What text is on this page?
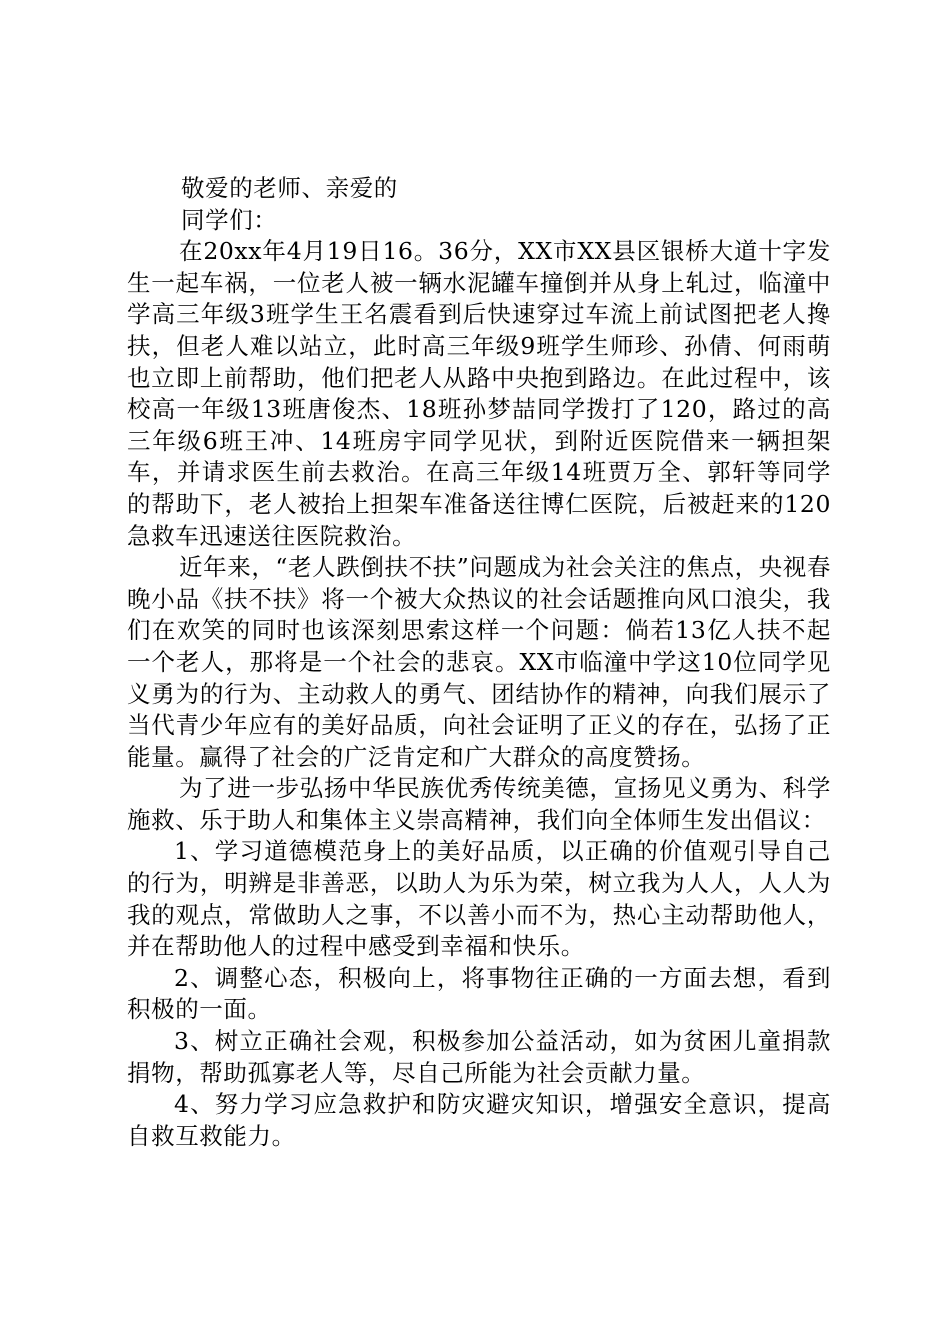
敬爱的老师、亲爱的

同学们：

在20xx年4月19日16。36分，XX市XX县区银桥大道十字发生一起车祸，一位老人被一辆水泥罐车撞倒并从身上轧过，临潼中学高三年级3班学生王名震看到后快速穿过车流上前试图把老人搀扶，但老人难以站立，此时高三年级9班学生师珍、孙倩、何雨萌也立即上前帮助，他们把老人从路中央抱到路边。在此过程中，该校高一年级13班唐俊杰、18班孙梦喆同学拨打了120，路过的高三年级6班王冲、14班房宇同学见状，到附近医院借来一辆担架车，并请求医生前去救治。在高三年级14班贾万全、郭轩等同学的帮助下，老人被抬上担架车准备送往博仁医院，后被赶来的120急救车迅速送往医院救治。

近年来，“老人跌倒扶不扶”问题成为社会关注的焦点，央视春晚小品《扶不扶》将一个被大众热议的社会话题推向风口浪尖，我们在欢笑的同时也该深刻思索这样一个问题：倘若13亿人扶不起一个老人，那将是一个社会的悲哀。XX市临潼中学这10位同学见义勇为的行为、主动救人的勇气、团结协作的精神，向我们展示了当代青少年应有的美好品质，向社会证明了正义的存在，弘扬了正能量。赢得了社会的广泛肯定和广大群众的高度赞扬。

为了进一步弘扬中华民族优秀传统美德，宣扬见义勇为、科学施救、乐于助人和集体主义崇高精神，我们向全体师生发出倡议：

1、学习道德模范身上的美好品质，以正确的价值观引导自己的行为，明辨是非善恶，以助人为乐为荣，树立我为人人，人人为我的观点，常做助人之事，不以善小而不为，热心主动帮助他人，并在帮助他人的过程中感受到幸福和快乐。

2、调整心态，积极向上，将事物往正确的一方面去想，看到积极的一面。

3、树立正确社会观，积极参加公益活动，如为贫困儿童捐款捐物，帮助孤寡老人等，尽自己所能为社会贡献力量。

4、努力学习应急救护和防灾避灾知识，增强安全意识，提高自救互救能力。
